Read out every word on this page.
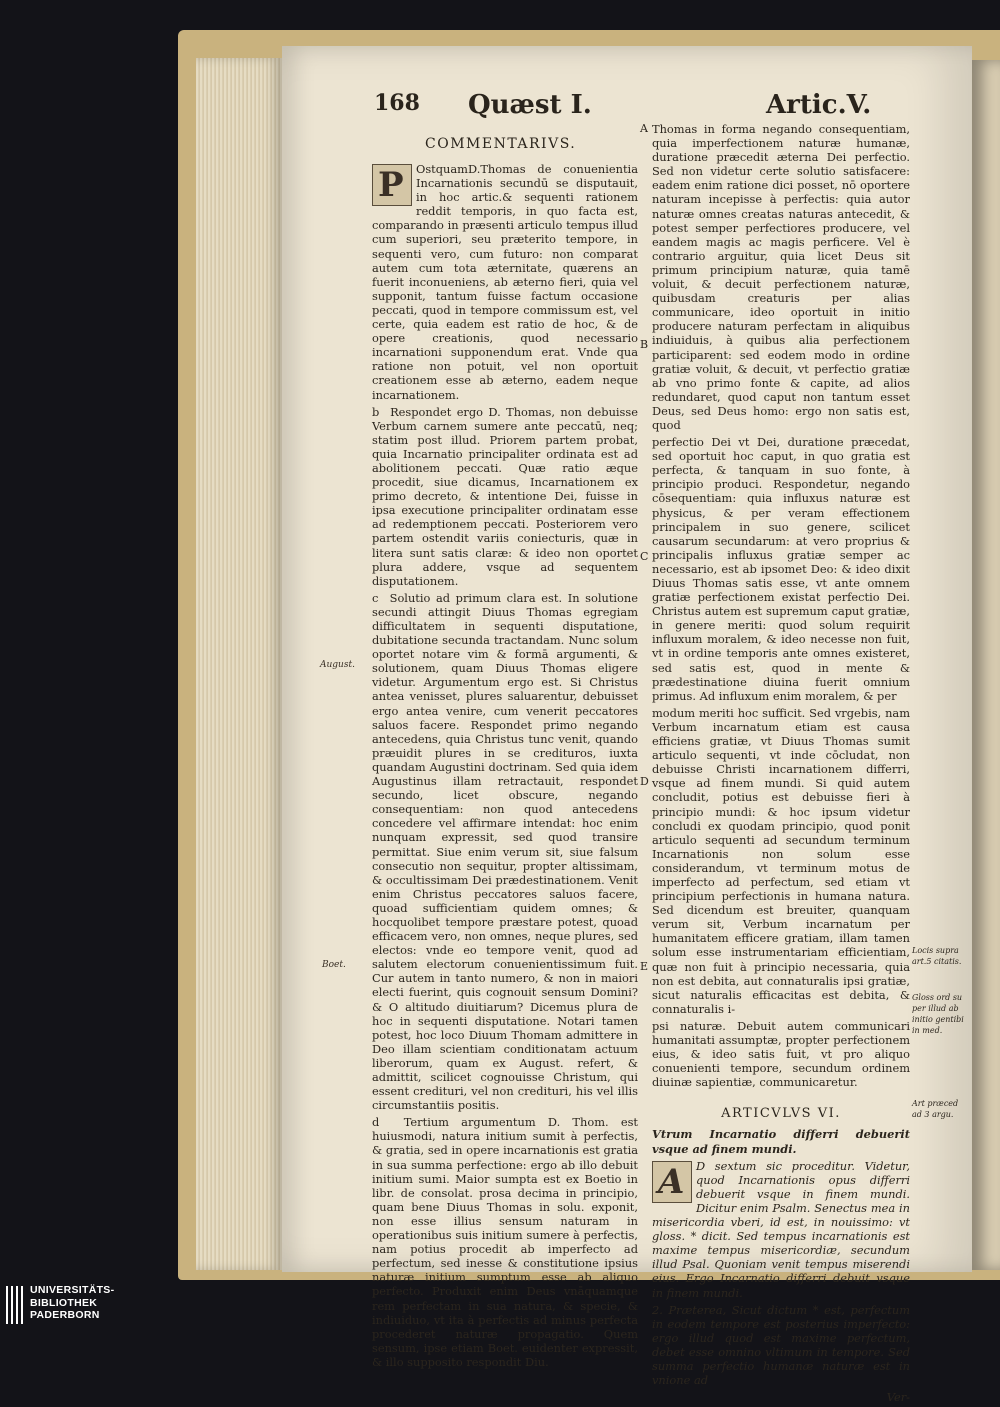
168 Quæst I.	Artic.V.
COMMENTARIVS.

P OstquamD.Thomas de conuenientia Incarnationis secundū se disputauit, in hoc artic.& sequenti rationem reddit temporis, in quo facta est, comparando in præsenti articulo tempus illud cum superiori, seu præterito tempore, in sequenti vero, cum futuro: non comparat autem cum tota æternitate, quærens an fuerit inconueniens, ab æterno fieri, quia vel supponit, tantum fuisse factum occasione peccati, quod in tempore commissum est, vel certe, quia eadem est ratio de hoc, & de opere creationis, quod necessario incarnationi supponendum erat. Vnde qua ratione non potuit, vel non oportuit creationem esse ab æterno, eadem neque incarnationem.

b Respondet ergo D. Thomas, non debuisse Verbum carnem sumere ante peccatū, neq; statim post illud. Priorem partem probat, quia Incarnatio principaliter ordinata est ad abolitionem peccati. Quæ ratio æque procedit, siue dicamus, Incarnationem ex primo decreto, & intentione Dei, fuisse in ipsa executione principaliter ordinatam esse ad redemptionem peccati. Posteriorem vero partem ostendit variis coniecturis, quæ in litera sunt satis claræ: & ideo non oportet plura addere, vsque ad sequentem disputationem.

c Solutio ad primum clara est. In solutione secundi attingit Diuus Thomas egregiam difficultatem in sequenti disputatione, dubitatione secunda tractandam. Nunc solum oportet notare vim & formā argumenti, & solutionem, quam Diuus Thomas eligere videtur. Argumentum ergo est. Si Christus antea venisset, plures saluarentur, debuisset ergo antea venire, cum venerit peccatores saluos facere. Respondet primo negando antecedens, quia Christus tunc venit, quando præuidit plures in se credituros, iuxta quandam Augustini doctrinam. Sed quia idem Augustinus illam retractauit, respondet secundo, licet obscure, negando consequentiam: non quod antecedens concedere vel affirmare intendat: hoc enim nunquam expressit, sed quod transire permittat. Siue enim verum sit, siue falsum consecutio non sequitur, propter altissimam, & occultissimam Dei prædestinationem. Venit enim Christus peccatores saluos facere, quoad sufficientiam quidem omnes; & hocquolibet tempore præstare potest, quoad efficacem vero, non omnes, neque plures, sed electos: vnde eo tempore venit, quod ad salutem electorum conuenientissimum fuit. Cur autem in tanto numero, & non in maiori electi fuerint, quis cognouit sensum Domini? & O altitudo diuitiarum? Dicemus plura de hoc in sequenti disputatione. Notari tamen potest, hoc loco Diuum Thomam admittere in Deo illam scientiam conditionatam actuum liberorum, quam ex August. refert, & admittit, scilicet cognouisse Christum, qui essent credituri, vel non credituri, his vel illis circumstantiis positis.

d Tertium argumentum D. Thom. est huiusmodi, natura initium sumit à perfectis, & gratia, sed in opere incarnationis est gratia in sua summa perfectione: ergo ab illo debuit initium sumi. Maior sumpta est ex Boetio in libr. de consolat. prosa decima in principio, quam bene Diuus Thomas in solu. exponit, non esse illius sensum naturam in operationibus suis initium sumere à perfectis, nam potius procedit ab imperfecto ad perfectum, sed inesse & constitutione ipsius naturæ initium sumptum esse ab aliquo perfecto. Produxit enim Deus vnāquamque rem perfectam in sua natura, & specie, & indiuiduo, vt ita à perfectis ad minus perfecta procederet naturæ propagatio. Quem sensum, ipse etiam Boet. euidenter expressit, & illo supposito respondit Diu.

August.
Boet.

Thomas in forma negando consequentiam, quia imperfectionem naturæ humanæ, duratione præcedit æterna Dei perfectio. Sed non videtur certe solutio satisfacere: eadem enim ratione dici posset, nō oportere naturam incepisse à perfectis: quia autor naturæ omnes creatas naturas antecedit, & potest semper perfectiores producere, vel eandem magis ac magis perficere. Vel è contrario arguitur, quia licet Deus sit primum principium naturæ, quia tamē voluit, & decuit perfectionem naturæ, quibusdam creaturis per alias communicare, ideo oportuit in initio producere naturam perfectam in aliquibus indiuiduis, à quibus alia perfectionem participarent: sed eodem modo in ordine gratiæ voluit, & decuit, vt perfectio gratiæ ab vno primo fonte & capite, ad alios redundaret, quod caput non tantum esset Deus, sed Deus homo: ergo non satis est, quod

perfectio Dei vt Dei, duratione præcedat, sed oportuit hoc caput, in quo gratia est perfecta, & tanquam in suo fonte, à principio produci. Respondetur, negando cōsequentiam: quia influxus naturæ est physicus, & per veram effectionem principalem in suo genere, scilicet causarum secundarum: at vero proprius & principalis influxus gratiæ semper ac necessario, est ab ipsomet Deo: & ideo dixit Diuus Thomas satis esse, vt ante omnem gratiæ perfectionem existat perfectio Dei. Christus autem est supremum caput gratiæ, in genere meriti: quod solum requirit influxum moralem, & ideo necesse non fuit, vt in ordine temporis ante omnes existeret, sed satis est, quod in mente & prædestinatione diuina fuerit omnium primus. Ad influxum enim moralem, & per

modum meriti hoc sufficit. Sed vrgebis, nam Verbum incarnatum etiam est causa efficiens gratiæ, vt Diuus Thomas sumit articulo sequenti, vt inde cōcludat, non debuisse Christi incarnationem differri, vsque ad finem mundi. Si quid autem concludit, potius est debuisse fieri à principio mundi: & hoc ipsum videtur concludi ex quodam principio, quod ponit articulo sequenti ad secundum terminum Incarnationis non solum esse considerandum, vt terminum motus de imperfecto ad perfectum, sed etiam vt principium perfectionis in humana natura. Sed dicendum est breuiter, quanquam verum sit, Verbum incarnatum per humanitatem efficere gratiam, illam tamen solum esse instrumentariam efficientiam, quæ non fuit à principio necessaria, quia non est debita, aut connaturalis ipsi gratiæ, sicut naturalis efficacitas est debita, & connaturalis i-

psi naturæ. Debuit autem communicari humanitati assumptæ, propter perfectionem eius, & ideo satis fuit, vt pro aliquo conuenienti tempore, secundum ordinem diuinæ sapientiæ, communicaretur.

ARTICVLVS VI.

Vtrum Incarnatio differri debuerit vsque ad finem mundi.

A D sextum sic proceditur. Videtur, quod Incarnationis opus differri debuerit vsque in finem mundi. Dicitur enim Psalm. Senectus mea in misericordia vberi, id est, in nouissimo: vt gloss. * dicit. Sed tempus incarnationis est maxime tempus misericordiæ, secundum illud Psal. Quoniam venit tempus miserendi eius. Ergo Incarnatio differri debuit vsque in finem mundi.

2. Præterea, Sicut dictum * est, perfectum in eodem tempore est posterius imperfecto: ergo illud quod est maxime perfectum, debet esse omnino vltimum in tempore. Sed summa perfectio humanæ naturæ est in vnione ad

Ver-

A
B
C
D
E
Locis supra art.5 citatis.
Gloss ord su per illud ab initio gentibi in med.
Art præced ad 3 argu.
UNIVERSITÄTS-
BIBLIOTHEK
PADERBORN
